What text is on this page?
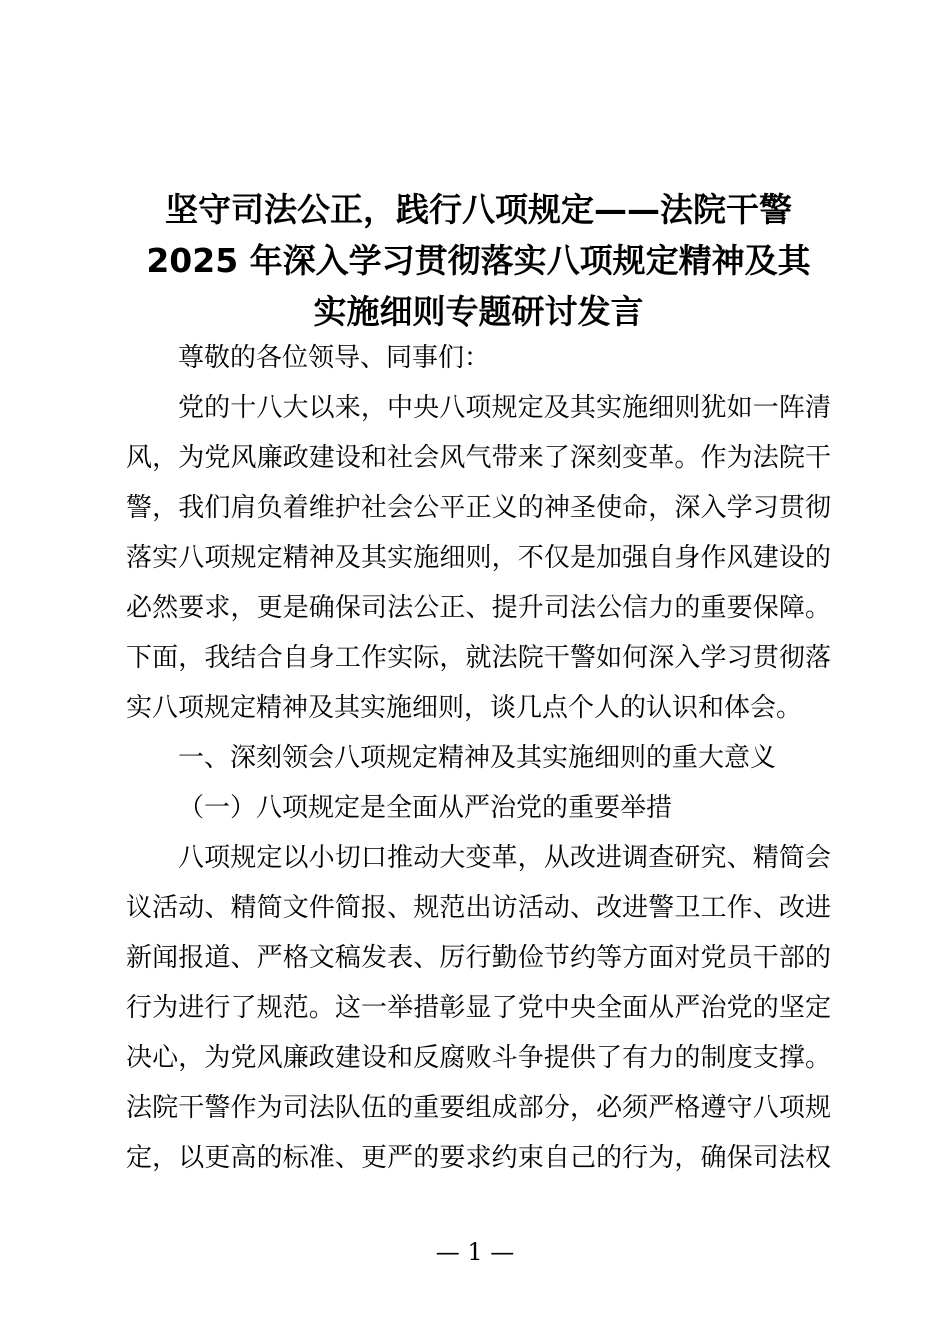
坚守司法公正，践行八项规定——法院干警
2025 年深入学习贯彻落实八项规定精神及其
实施细则专题研讨发言
尊敬的各位领导、同事们：
党的十八大以来，中央八项规定及其实施细则犹如一阵清
风，为党风廉政建设和社会风气带来了深刻变革。作为法院干
警，我们肩负着维护社会公平正义的神圣使命，深入学习贯彻
落实八项规定精神及其实施细则，不仅是加强自身作风建设的
必然要求，更是确保司法公正、提升司法公信力的重要保障。
下面，我结合自身工作实际，就法院干警如何深入学习贯彻落
实八项规定精神及其实施细则，谈几点个人的认识和体会。
一、深刻领会八项规定精神及其实施细则的重大意义
（一）八项规定是全面从严治党的重要举措
八项规定以小切口推动大变革，从改进调查研究、精简会
议活动、精简文件简报、规范出访活动、改进警卫工作、改进
新闻报道、严格文稿发表、厉行勤俭节约等方面对党员干部的
行为进行了规范。这一举措彰显了党中央全面从严治党的坚定
决心，为党风廉政建设和反腐败斗争提供了有力的制度支撑。
法院干警作为司法队伍的重要组成部分，必须严格遵守八项规
定，以更高的标准、更严的要求约束自己的行为，确保司法权
— 1 —
